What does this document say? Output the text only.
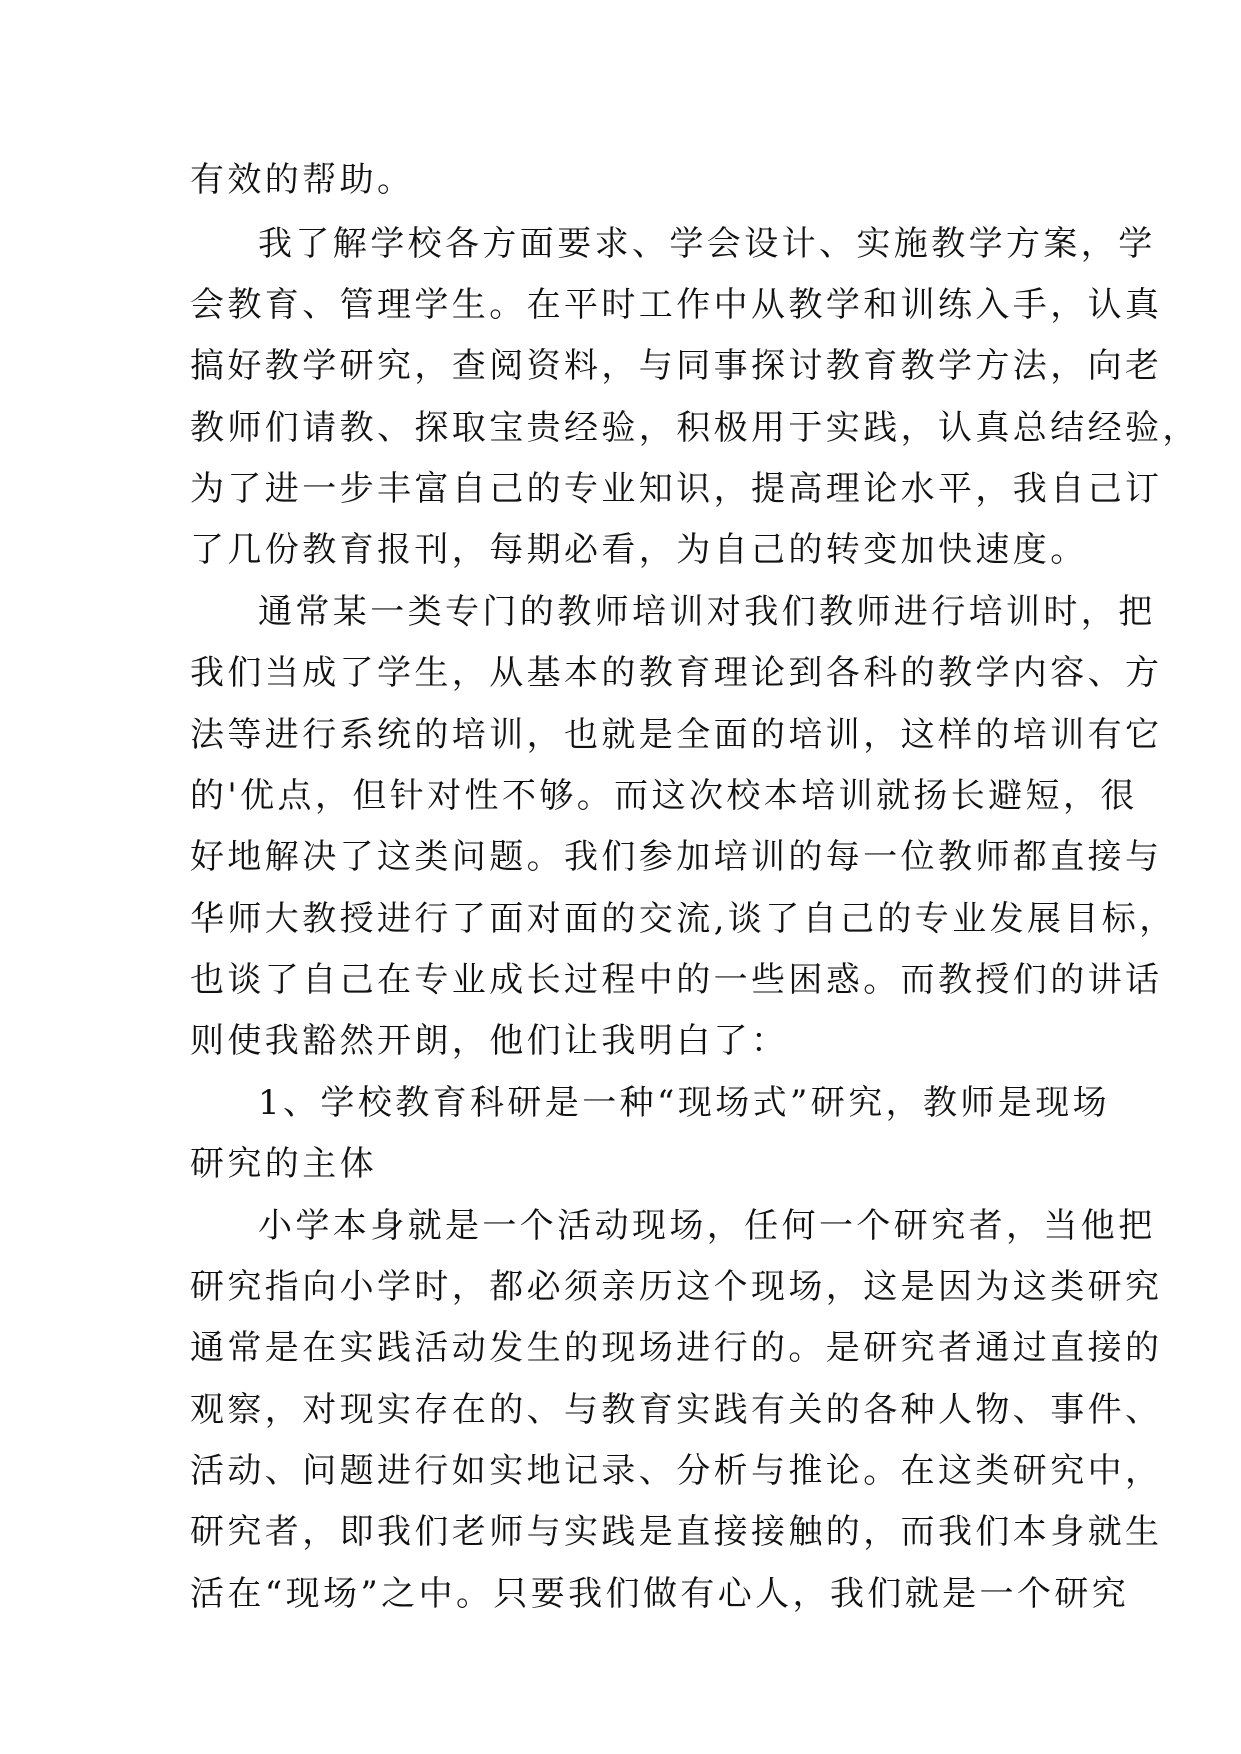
有效的帮助。
我了解学校各方面要求、学会设计、实施教学方案，学
会教育、管理学生。在平时工作中从教学和训练入手，认真
搞好教学研究，查阅资料，与同事探讨教育教学方法，向老
教师们请教、探取宝贵经验，积极用于实践，认真总结经验，
为了进一步丰富自己的专业知识，提高理论水平，我自己订
了几份教育报刊，每期必看，为自己的转变加快速度。
通常某一类专门的教师培训对我们教师进行培训时，把
我们当成了学生，从基本的教育理论到各科的教学内容、方
法等进行系统的培训，也就是全面的培训，这样的培训有它
的'优点，但针对性不够。而这次校本培训就扬长避短，很
好地解决了这类问题。我们参加培训的每一位教师都直接与
华师大教授进行了面对面的交流,谈了自己的专业发展目标，
也谈了自己在专业成长过程中的一些困惑。而教授们的讲话
则使我豁然开朗，他们让我明白了：
1、学校教育科研是一种“现场式”研究，教师是现场
研究的主体
小学本身就是一个活动现场，任何一个研究者，当他把
研究指向小学时，都必须亲历这个现场，这是因为这类研究
通常是在实践活动发生的现场进行的。是研究者通过直接的
观察，对现实存在的、与教育实践有关的各种人物、事件、
活动、问题进行如实地记录、分析与推论。在这类研究中，
研究者，即我们老师与实践是直接接触的，而我们本身就生
活在“现场”之中。只要我们做有心人，我们就是一个研究
